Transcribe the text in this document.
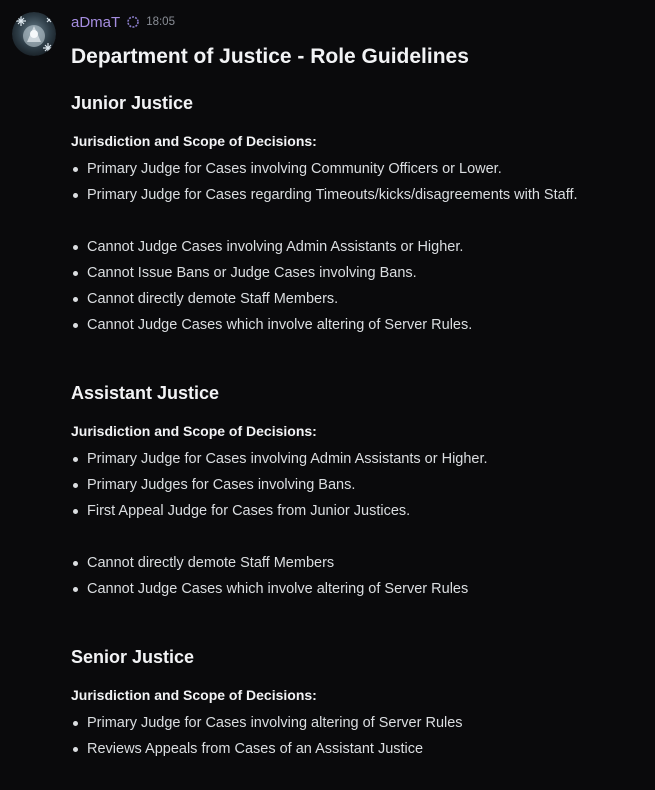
aDmaT 18:05
Department of Justice - Role Guidelines
Junior Justice
Jurisdiction and Scope of Decisions:
Primary Judge for Cases involving Community Officers or Lower.
Primary Judge for Cases regarding Timeouts/kicks/disagreements with Staff.
Cannot Judge Cases involving Admin Assistants or Higher.
Cannot Issue Bans or Judge Cases involving Bans.
Cannot directly demote Staff Members.
Cannot Judge Cases which involve altering of Server Rules.
Assistant Justice
Jurisdiction and Scope of Decisions:
Primary Judge for Cases involving Admin Assistants or Higher.
Primary Judges for Cases involving Bans.
First Appeal Judge for Cases from Junior Justices.
Cannot directly demote Staff Members
Cannot Judge Cases which involve altering of Server Rules
Senior Justice
Jurisdiction and Scope of Decisions:
Primary Judge for Cases involving altering of Server Rules
Reviews Appeals from Cases of an Assistant Justice
